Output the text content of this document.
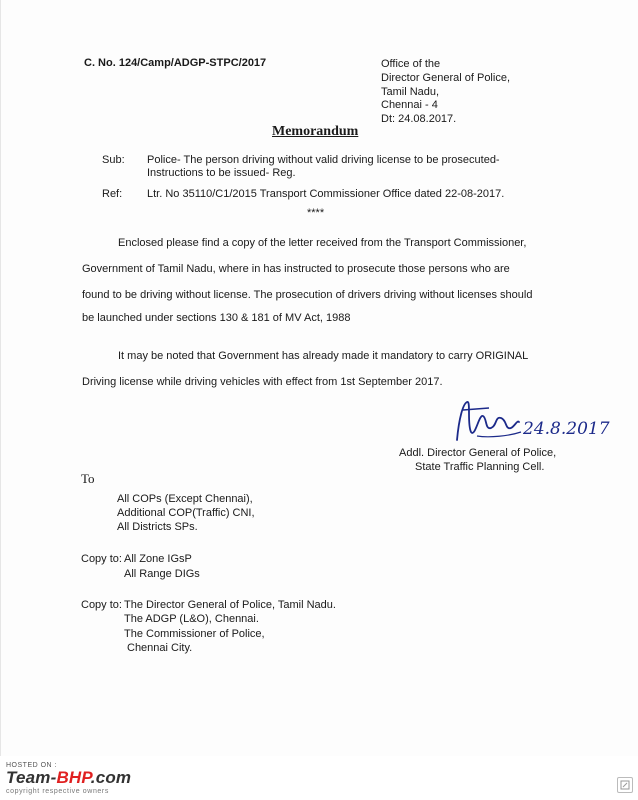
C. No. 124/Camp/ADGP-STPC/2017	Office of the
Director General of Police,
Tamil Nadu,
Chennai - 4
Dt: 24.08.2017.
Memorandum
Sub: Police- The person driving without valid driving license to be prosecuted-
Instructions to be issued- Reg.
Ref: Ltr. No 35110/C1/2015 Transport Commissioner Office dated 22-08-2017.
****
Enclosed please find a copy of the letter received from the Transport Commissioner,
Government of Tamil Nadu, where in has instructed to prosecute those persons who are
found to be driving without license. The prosecution of drivers driving without licenses should
be launched under sections 130 & 181 of MV Act, 1988
It may be noted that Government has already made it mandatory to carry ORIGINAL
Driving license while driving vehicles with effect from 1st September 2017.
24.8.2017
Addl. Director General of Police,
State Traffic Planning Cell.
To
All COPs (Except Chennai),
Additional COP(Traffic) CNI,
All Districts SPs.
Copy to: All Zone IGsP
All Range DIGs
Copy to: The Director General of Police, Tamil Nadu.
The ADGP (L&O), Chennai.
The Commissioner of Police,
Chennai City.
HOSTED ON :
Team-BHP.com
copyright respective owners
